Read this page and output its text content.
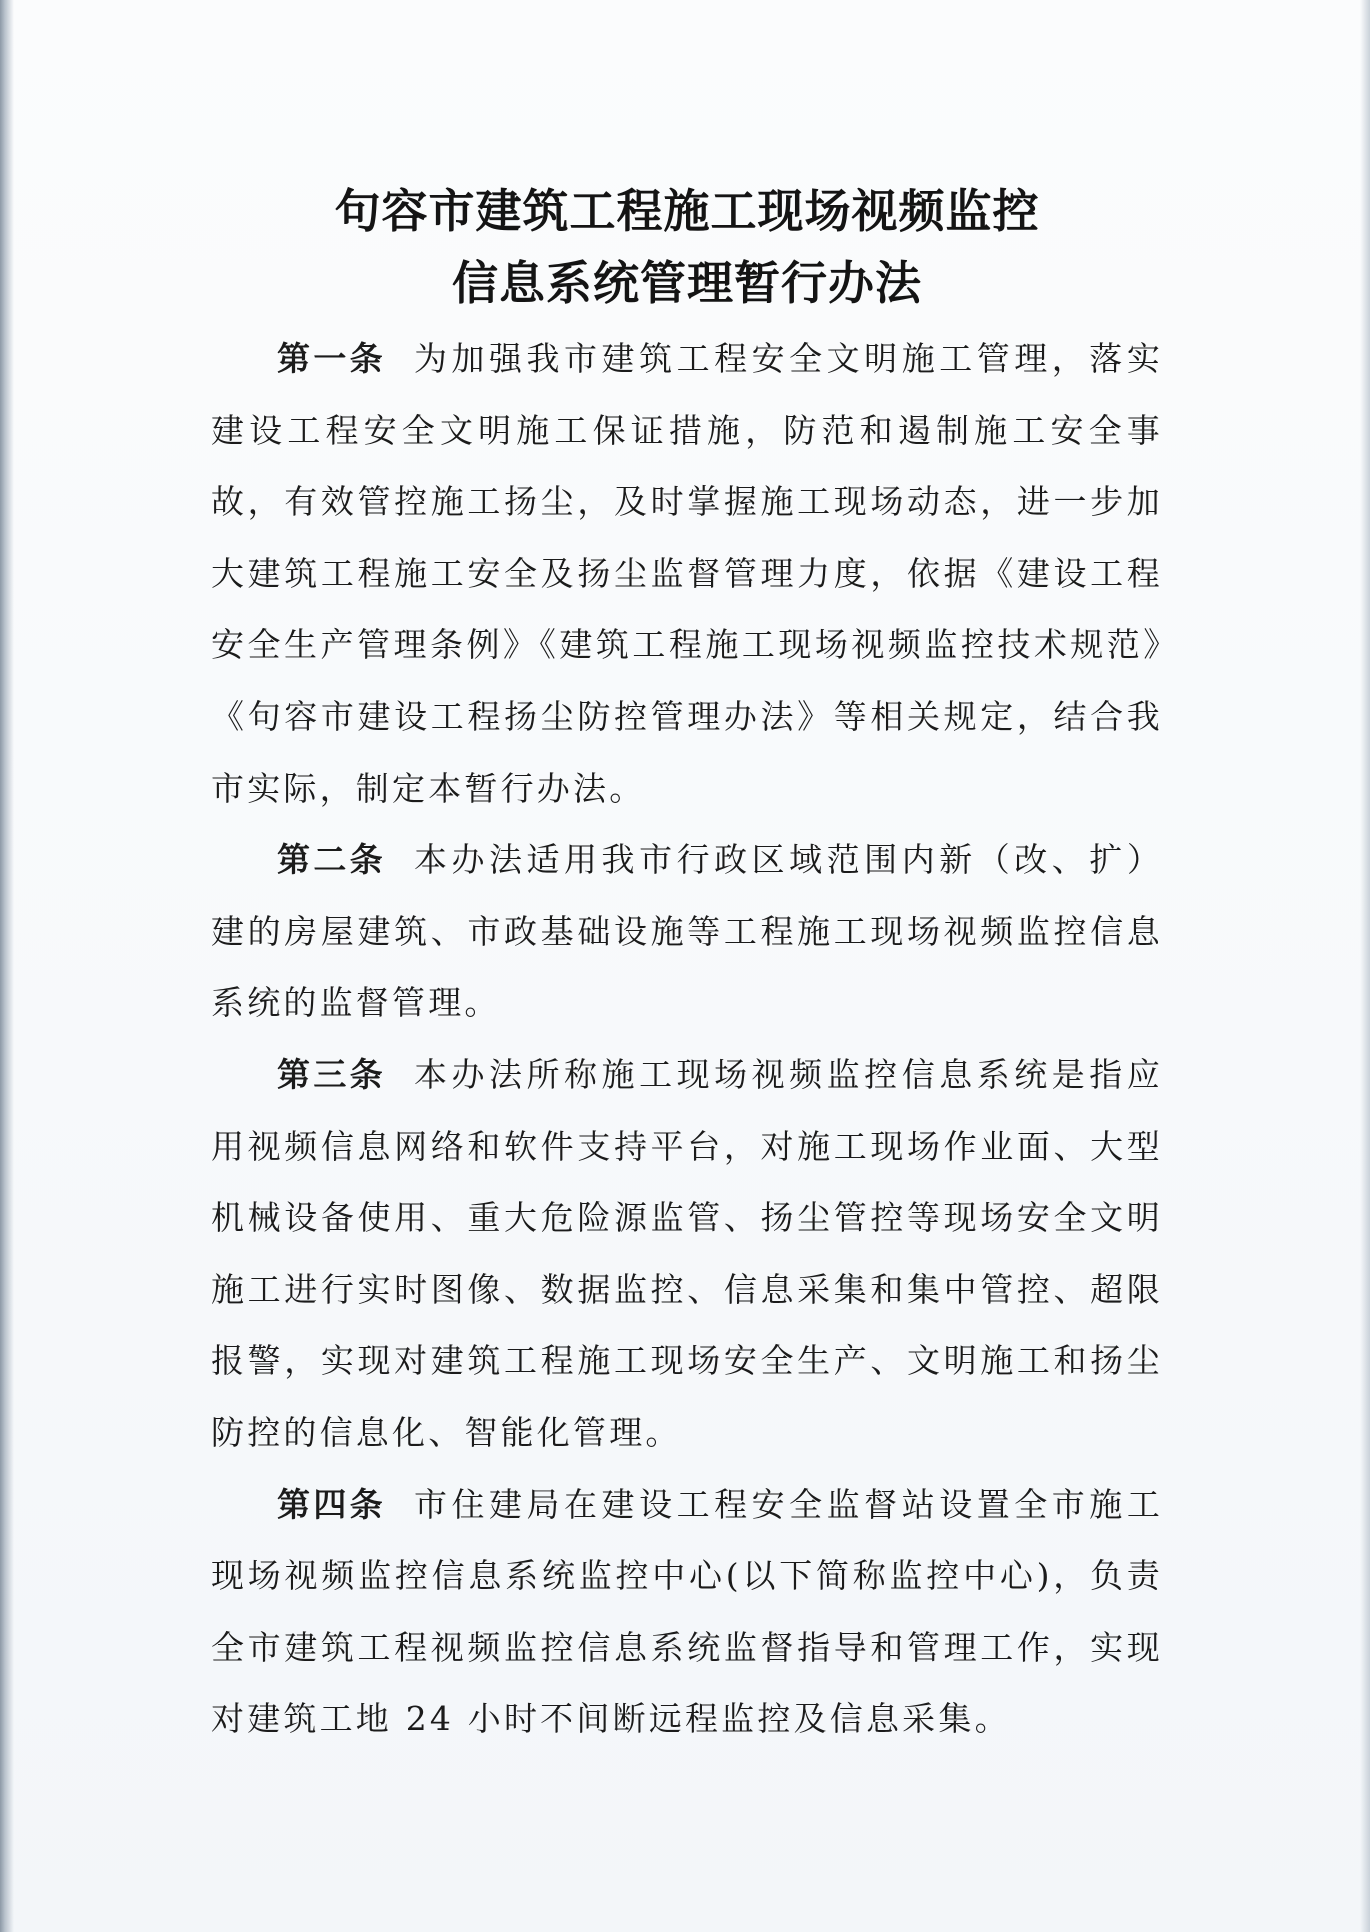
句容市建筑工程施工现场视频监控
信息系统管理暂行办法

第一条 为加强我市建筑工程安全文明施工管理，落实建设工程安全文明施工保证措施，防范和遏制施工安全事故，有效管控施工扬尘，及时掌握施工现场动态，进一步加大建筑工程施工安全及扬尘监督管理力度，依据《建设工程安全生产管理条例》《建筑工程施工现场视频监控技术规范》《句容市建设工程扬尘防控管理办法》等相关规定，结合我市实际，制定本暂行办法。

第二条 本办法适用我市行政区域范围内新（改、扩）建的房屋建筑、市政基础设施等工程施工现场视频监控信息系统的监督管理。

第三条 本办法所称施工现场视频监控信息系统是指应用视频信息网络和软件支持平台，对施工现场作业面、大型机械设备使用、重大危险源监管、扬尘管控等现场安全文明施工进行实时图像、数据监控、信息采集和集中管控、超限报警，实现对建筑工程施工现场安全生产、文明施工和扬尘防控的信息化、智能化管理。

第四条 市住建局在建设工程安全监督站设置全市施工现场视频监控信息系统监控中心(以下简称监控中心)，负责全市建筑工程视频监控信息系统监督指导和管理工作，实现对建筑工地 24 小时不间断远程监控及信息采集。
